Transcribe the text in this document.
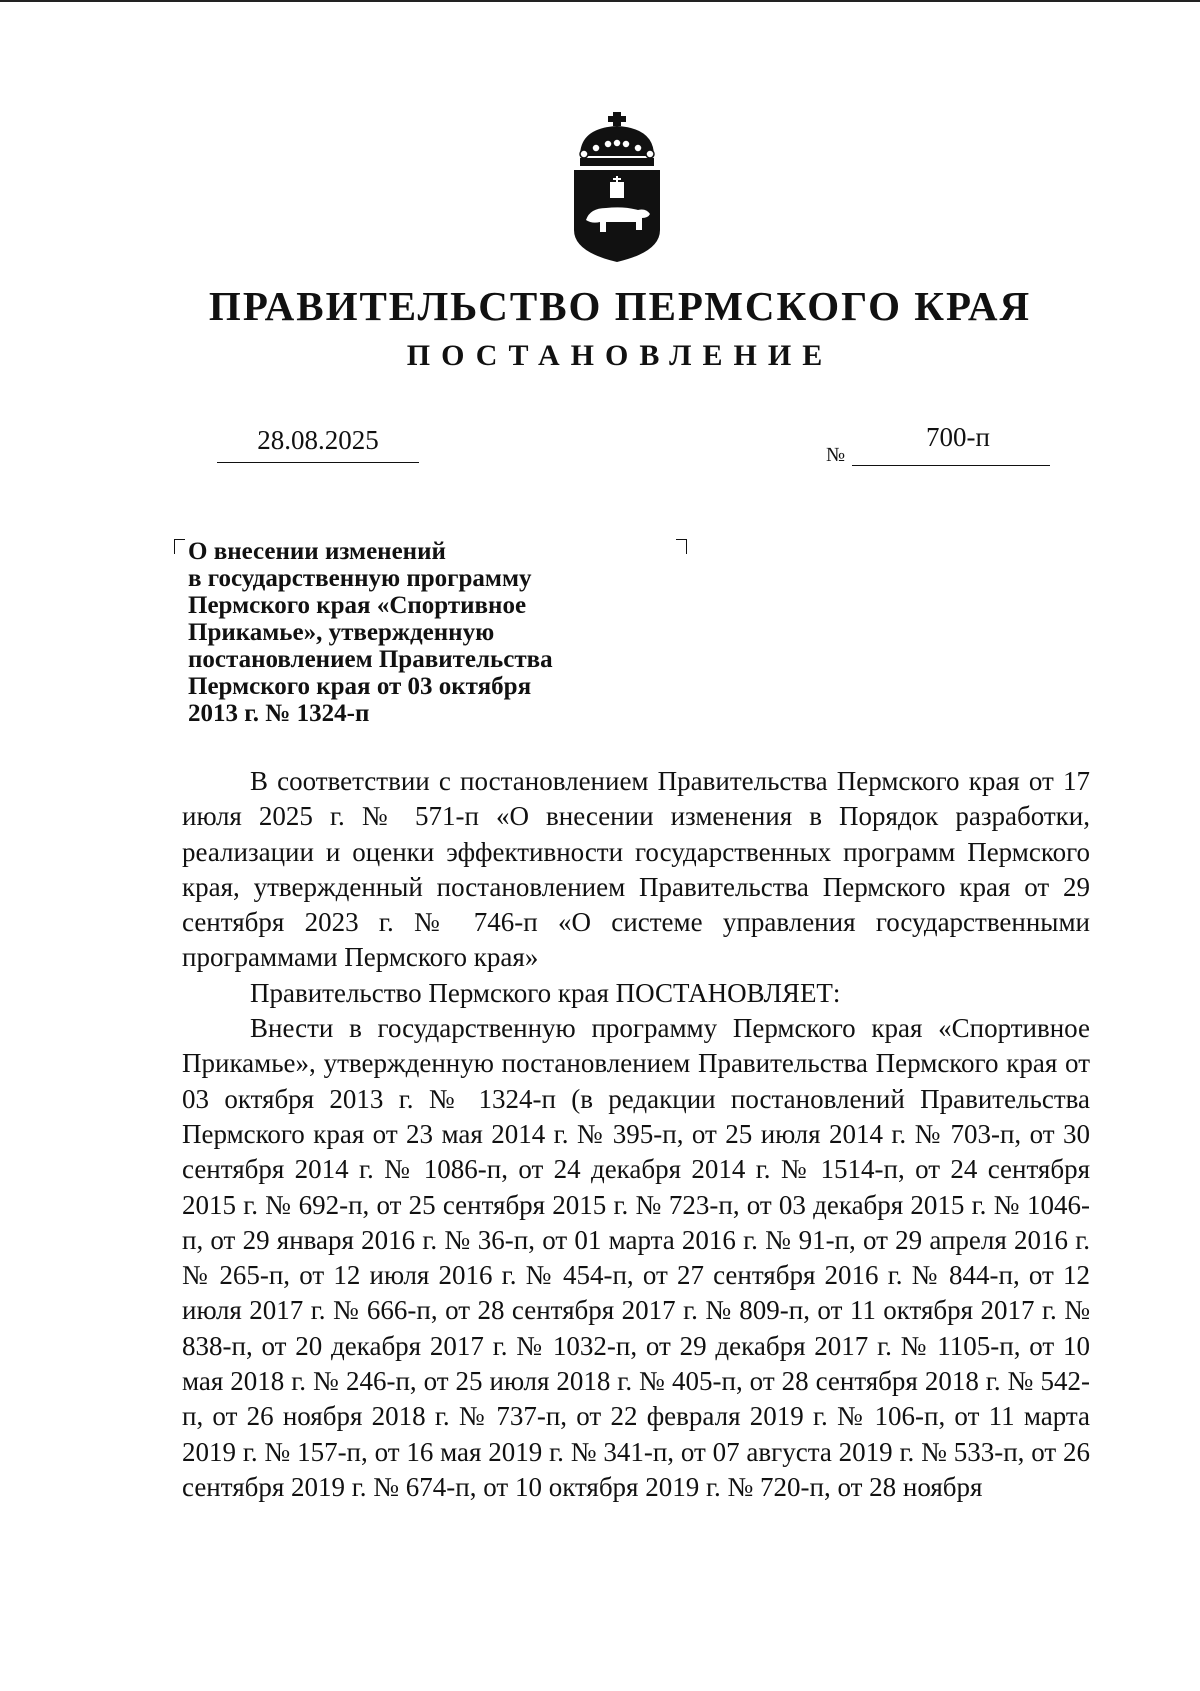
ПРАВИТЕЛЬСТВО ПЕРМСКОГО КРАЯ
ПОСТАНОВЛЕНИЕ
28.08.2025	№
700-п
О внесении изменений
в государственную программу
Пермского края «Спортивное
Прикамье», утвержденную
постановлением Правительства
Пермского края от 03 октября
2013 г. № 1324-п

В соответствии с постановлением Правительства Пермского края от 17 июля 2025 г. № 571-п «О внесении изменения в Порядок разработки, реализации и оценки эффективности государственных программ Пермского края, утвержденный постановлением Правительства Пермского края от 29 сентября 2023 г. № 746-п «О системе управления государственными программами Пермского края»

Правительство Пермского края ПОСТАНОВЛЯЕТ:

Внести в государственную программу Пермского края «Спортивное Прикамье», утвержденную постановлением Правительства Пермского края от 03 октября 2013 г. № 1324-п (в редакции постановлений Правительства Пермского края от 23 мая 2014 г. № 395-п, от 25 июля 2014 г. № 703-п, от 30 сентября 2014 г. № 1086-п, от 24 декабря 2014 г. № 1514-п, от 24 сентября 2015 г. № 692-п, от 25 сентября 2015 г. № 723-п, от 03 декабря 2015 г. № 1046-п, от 29 января 2016 г. № 36-п, от 01 марта 2016 г. № 91-п, от 29 апреля 2016 г. № 265-п, от 12 июля 2016 г. № 454-п, от 27 сентября 2016 г. № 844-п, от 12 июля 2017 г. № 666-п, от 28 сентября 2017 г. № 809-п, от 11 октября 2017 г. № 838-п, от 20 декабря 2017 г. № 1032-п, от 29 декабря 2017 г. № 1105-п, от 10 мая 2018 г. № 246-п, от 25 июля 2018 г. № 405-п, от 28 сентября 2018 г. № 542-п, от 26 ноября 2018 г. № 737-п, от 22 февраля 2019 г. № 106-п, от 11 марта 2019 г. № 157-п, от 16 мая 2019 г. № 341-п, от 07 августа 2019 г. № 533-п, от 26 сентября 2019 г. № 674-п, от 10 октября 2019 г. № 720-п, от 28 ноября
